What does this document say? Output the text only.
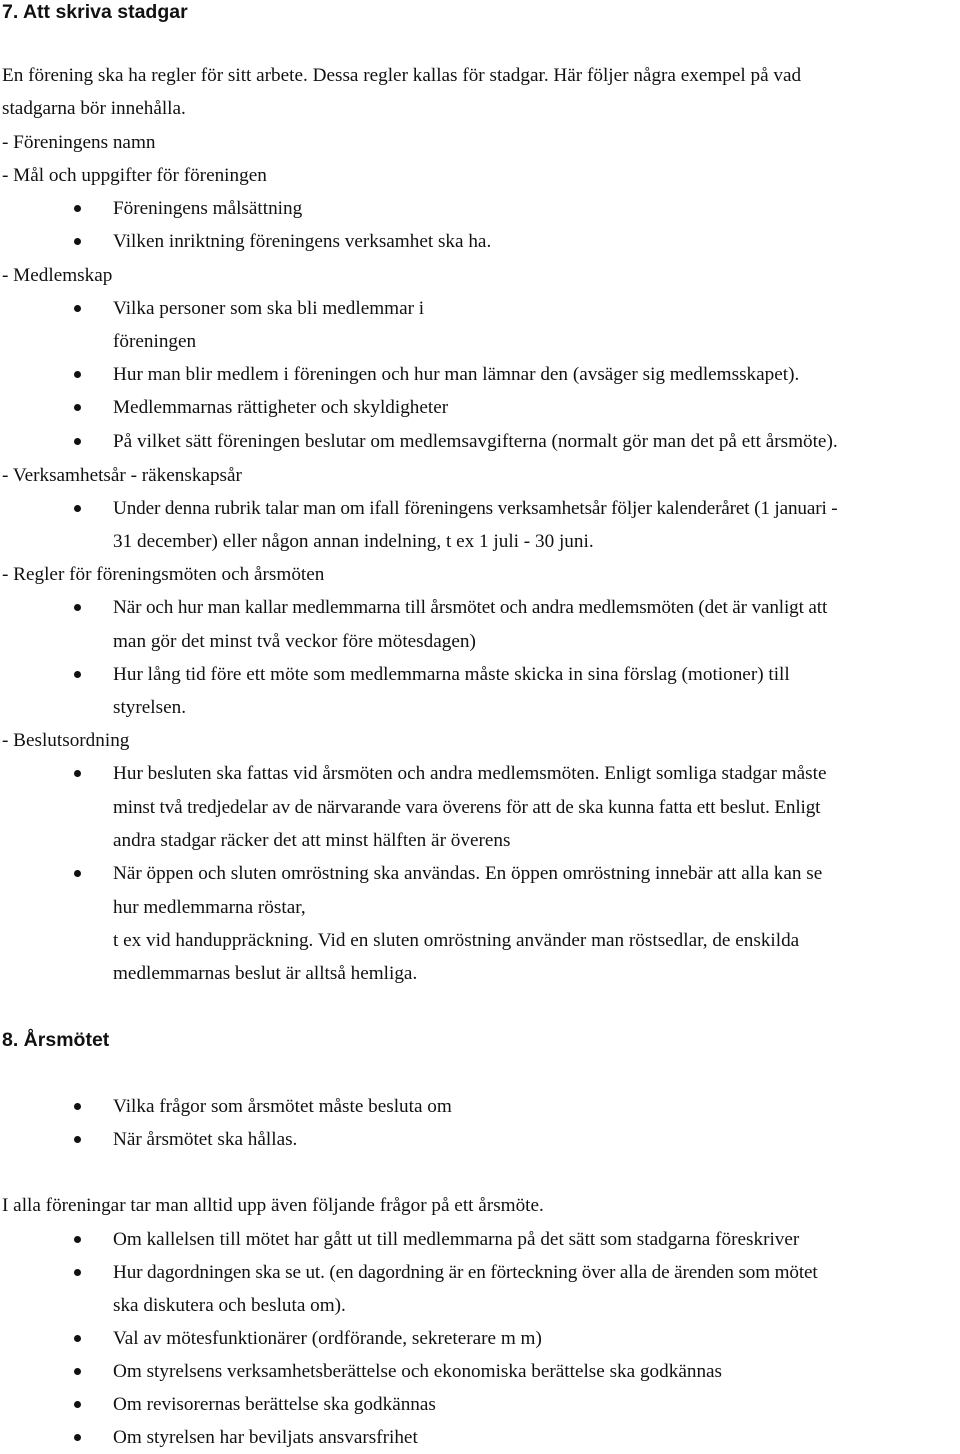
7. Att skriva stadgar
En förening ska ha regler för sitt arbete. Dessa regler kallas för stadgar. Här följer några exempel på vad
stadgarna bör innehålla.
- Föreningens namn
- Mål och uppgifter för föreningen
Föreningens målsättning
Vilken inriktning föreningens verksamhet ska ha.
- Medlemskap
Vilka personer som ska bli medlemmar i
föreningen
Hur man blir medlem i föreningen och hur man lämnar den (avsäger sig medlemsskapet).
Medlemmarnas rättigheter och skyldigheter
På vilket sätt föreningen beslutar om medlemsavgifterna (normalt gör man det på ett årsmöte).
- Verksamhetsår - räkenskapsår
Under denna rubrik talar man om ifall föreningens verksamhetsår följer kalenderåret (1 januari -
31 december) eller någon annan indelning, t ex 1 juli - 30 juni.
- Regler för föreningsmöten och årsmöten
När och hur man kallar medlemmarna till årsmötet och andra medlemsmöten (det är vanligt att
man gör det minst två veckor före mötesdagen)
Hur lång tid före ett möte som medlemmarna måste skicka in sina förslag (motioner) till
styrelsen.
- Beslutsordning
Hur besluten ska fattas vid årsmöten och andra medlemsmöten. Enligt somliga stadgar måste
minst två tredjedelar av de närvarande vara överens för att de ska kunna fatta ett beslut. Enligt
andra stadgar räcker det att minst hälften är överens
När öppen och sluten omröstning ska användas. En öppen omröstning innebär att alla kan se
hur medlemmarna röstar,
t ex vid handuppräckning. Vid en sluten omröstning använder man röstsedlar, de enskilda
medlemmarnas beslut är alltså hemliga.
8. Årsmötet
Vilka frågor som årsmötet måste besluta om
När årsmötet ska hållas.
I alla föreningar tar man alltid upp även följande frågor på ett årsmöte.
Om kallelsen till mötet har gått ut till medlemmarna på det sätt som stadgarna föreskriver
Hur dagordningen ska se ut. (en dagordning är en förteckning över alla de ärenden som mötet
ska diskutera och besluta om).
Val av mötesfunktionärer (ordförande, sekreterare m m)
Om styrelsens verksamhetsberättelse och ekonomiska berättelse ska godkännas
Om revisorernas berättelse ska godkännas
Om styrelsen har beviljats ansvarsfrihet
